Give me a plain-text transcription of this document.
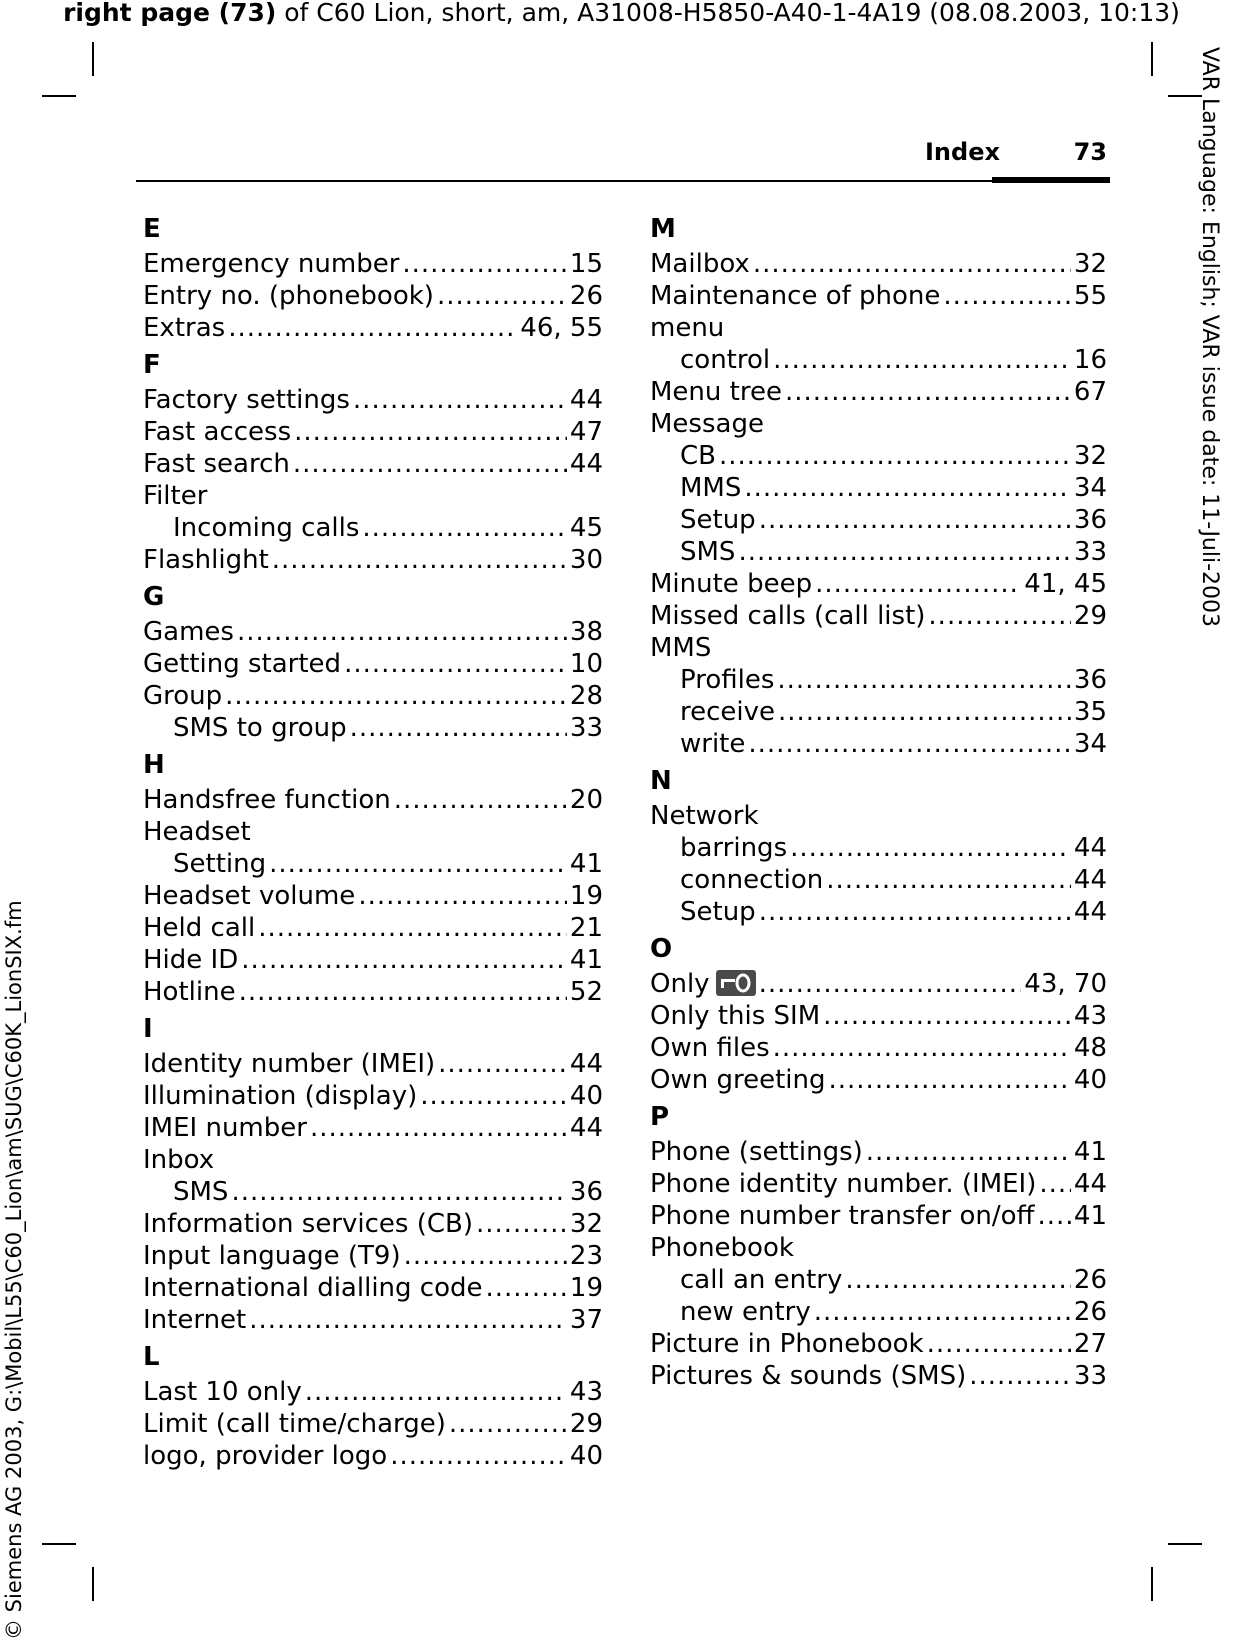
right page (73) of C60 Lion, short, am, A31008-H5850-A40-1-4A19 (08.08.2003, 10:13)
VAR Language: English; VAR issue date: 11-Juli-2003
© Siemens AG 2003, G:\Mobil\L55\C60_Lion\am\SUG\C60K_LionSIX.fm
Index	73
E
Emergency number .....	15
Entry no. (phonebook) .....	26
Extras .....	46, 55
F
Factory settings .....	44
Fast access .....	47
Fast search .....	44
Filter
Incoming calls .....	45
Flashlight .....	30
G
Games .....	38
Getting started .....	10
Group .....	28
SMS to group .....	33
H
Handsfree function .....	20
Headset
Setting .....	41
Headset volume .....	19
Held call .....	21
Hide ID .....	41
Hotline .....	52
I
Identity number (IMEI) .....	44
Illumination (display) .....	40
IMEI number .....	44
Inbox
SMS .....	36
Information services (CB) .....	32
Input language (T9) .....	23
International dialling code .....	19
Internet .....	37
L
Last 10 only .....	43
Limit (call time/charge) .....	29
logo, provider logo .....	40
M
Mailbox .....	32
Maintenance of phone .....	55
menu
control .....	16
Menu tree .....	67
Message
CB .....	32
MMS .....	34
Setup .....	36
SMS .....	33
Minute beep .....	41, 45
Missed calls (call list) .....	29
MMS
Profiles .....	36
receive .....	35
write .....	34
N
Network
barrings .....	44
connection .....	44
Setup .....	44
O
Only .....	43, 70
Only this SIM .....	43
Own files .....	48
Own greeting .....	40
P
Phone (settings) .....	41
Phone identity number. (IMEI) ..... 44
Phone number transfer on/off ..... 41
Phonebook
call an entry .....	26
new entry .....	26
Picture in Phonebook .....	27
Pictures & sounds (SMS) .....	33
